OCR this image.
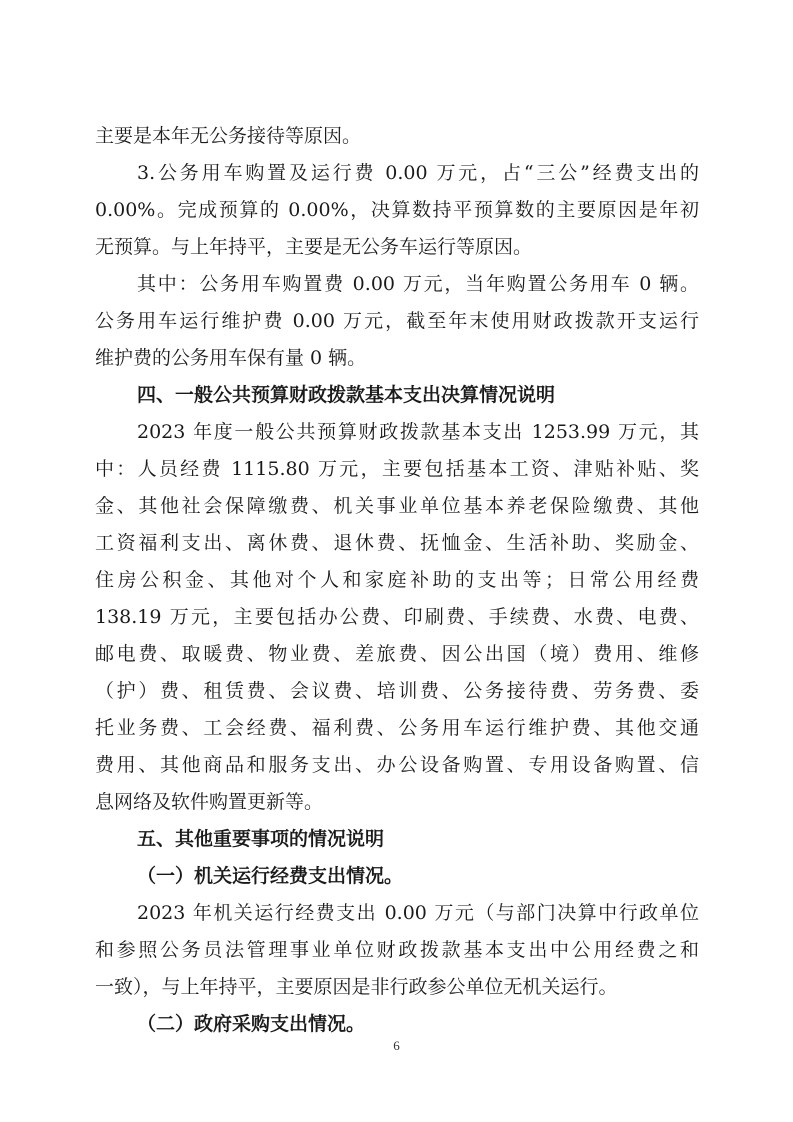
主要是本年无公务接待等原因。
3.公务用车购置及运行费 0.00 万元，占“三公”经费支出的
0.00%。完成预算的 0.00%，决算数持平预算数的主要原因是年初
无预算。与上年持平，主要是无公务车运行等原因。
其中：公务用车购置费 0.00 万元，当年购置公务用车 0 辆。
公务用车运行维护费 0.00 万元，截至年末使用财政拨款开支运行
维护费的公务用车保有量 0 辆。
四、一般公共预算财政拨款基本支出决算情况说明
2023 年度一般公共预算财政拨款基本支出 1253.99 万元，其
中：人员经费 1115.80 万元，主要包括基本工资、津贴补贴、奖
金、其他社会保障缴费、机关事业单位基本养老保险缴费、其他
工资福利支出、离休费、退休费、抚恤金、生活补助、奖励金、
住房公积金、其他对个人和家庭补助的支出等；日常公用经费
138.19 万元，主要包括办公费、印刷费、手续费、水费、电费、
邮电费、取暖费、物业费、差旅费、因公出国（境）费用、维修
（护）费、租赁费、会议费、培训费、公务接待费、劳务费、委
托业务费、工会经费、福利费、公务用车运行维护费、其他交通
费用、其他商品和服务支出、办公设备购置、专用设备购置、信
息网络及软件购置更新等。
五、其他重要事项的情况说明
（一）机关运行经费支出情况。
2023 年机关运行经费支出 0.00 万元（与部门决算中行政单位
和参照公务员法管理事业单位财政拨款基本支出中公用经费之和
一致），与上年持平，主要原因是非行政参公单位无机关运行。
（二）政府采购支出情况。
6
